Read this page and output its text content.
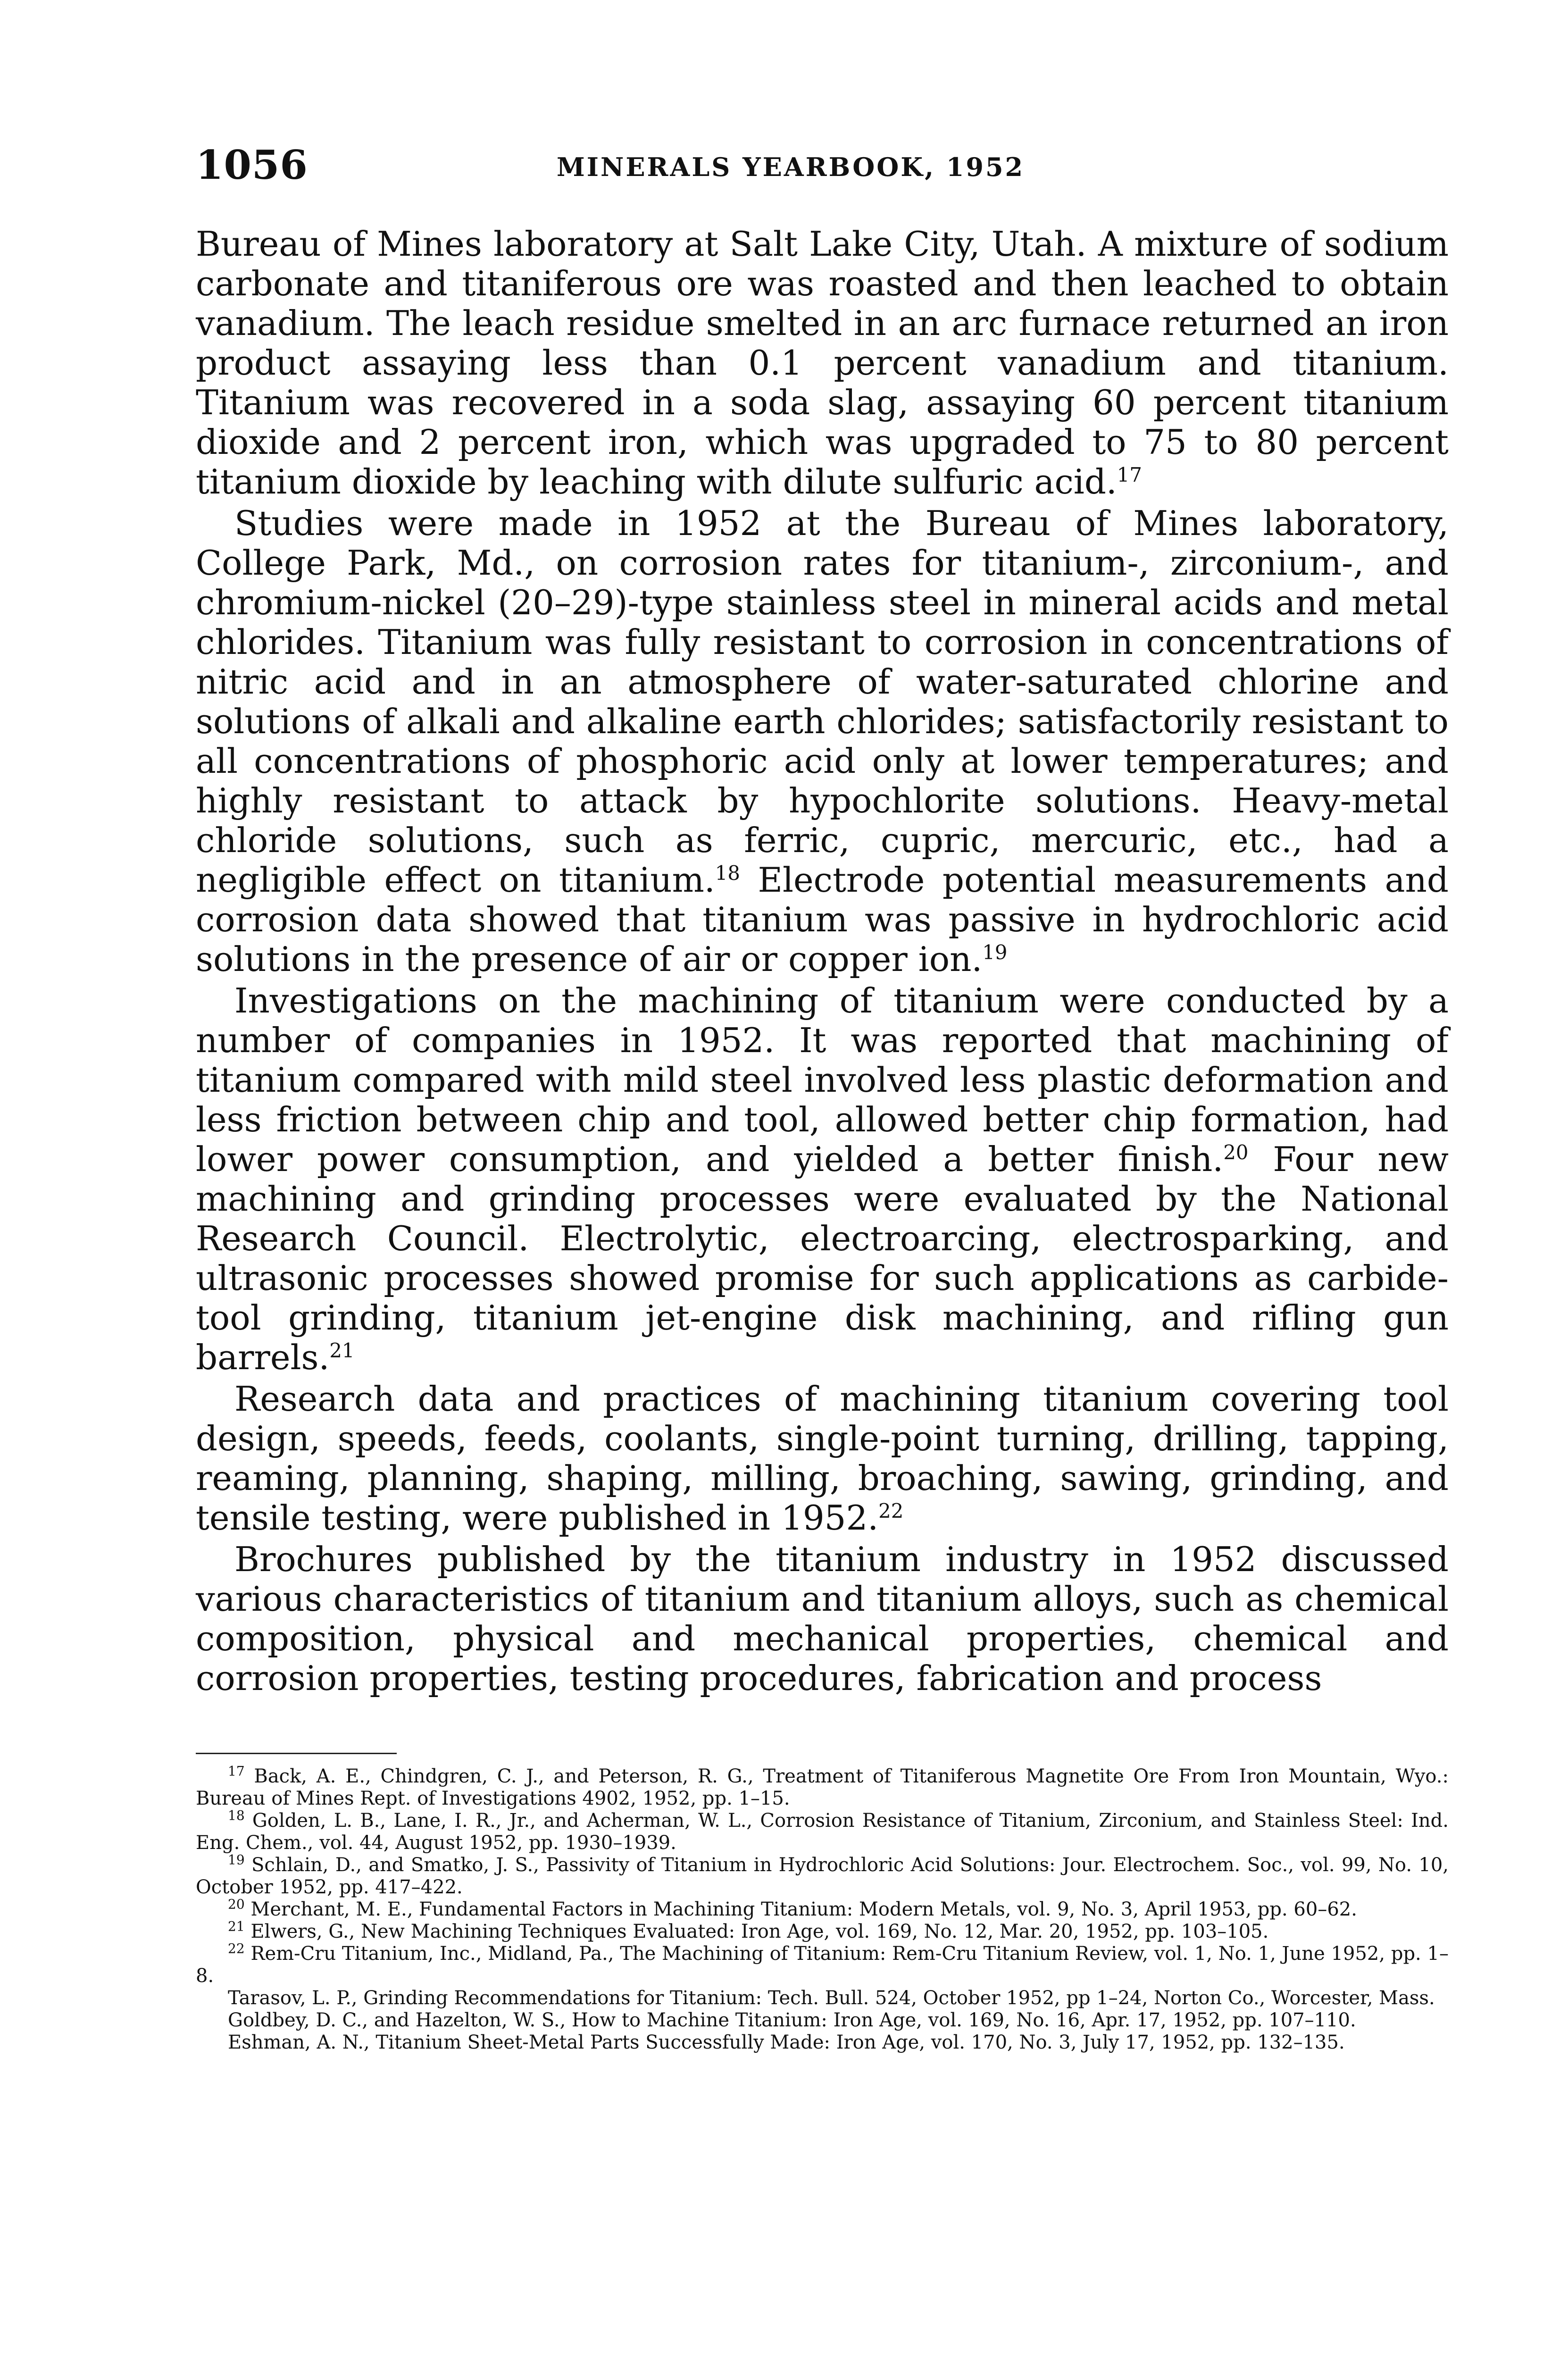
1056	MINERALS YEARBOOK, 1952

Bureau of Mines laboratory at Salt Lake City, Utah. A mixture of sodium carbonate and titaniferous ore was roasted and then leached to obtain vanadium. The leach residue smelted in an arc furnace returned an iron product assaying less than 0.1 percent vanadium and titanium. Titanium was recovered in a soda slag, assaying 60 percent titanium dioxide and 2 percent iron, which was upgraded to 75 to 80 percent titanium dioxide by leaching with dilute sulfuric acid.$^{17}$

Studies were made in 1952 at the Bureau of Mines laboratory, College Park, Md., on corrosion rates for titanium-, zirconium-, and chromium-nickel (20–29)-type stainless steel in mineral acids and metal chlorides. Titanium was fully resistant to corrosion in concentrations of nitric acid and in an atmosphere of water-saturated chlorine and solutions of alkali and alkaline earth chlorides; satisfactorily resistant to all concentrations of phosphoric acid only at lower temperatures; and highly resistant to attack by hypochlorite solutions. Heavy-metal chloride solutions, such as ferric, cupric, mercuric, etc., had a negligible effect on titanium.$^{18}$ Electrode potential measurements and corrosion data showed that titanium was passive in hydrochloric acid solutions in the presence of air or copper ion.$^{19}$

Investigations on the machining of titanium were conducted by a number of companies in 1952. It was reported that machining of titanium compared with mild steel involved less plastic deformation and less friction between chip and tool, allowed better chip formation, had lower power consumption, and yielded a better finish.$^{20}$ Four new machining and grinding processes were evaluated by the National Research Council. Electrolytic, electroarcing, electrosparking, and ultrasonic processes showed promise for such applications as carbide-tool grinding, titanium jet-engine disk machining, and rifling gun barrels.$^{21}$

Research data and practices of machining titanium covering tool design, speeds, feeds, coolants, single-point turning, drilling, tapping, reaming, planning, shaping, milling, broaching, sawing, grinding, and tensile testing, were published in 1952.22

Brochures published by the titanium industry in 1952 discussed various characteristics of titanium and titanium alloys, such as chemical composition, physical and mechanical properties, chemical and corrosion properties, testing procedures, fabrication and process

$^{17}$ Back, A. E., Chindgren, C. J., and Peterson, R. G., Treatment of Titaniferous Magnetite Ore From Iron Mountain, Wyo.: Bureau of Mines Rept. of Investigations 4902, 1952, pp. 1–15.

$^{18}$ Golden, L. B., Lane, I. R., Jr., and Acherman, W. L., Corrosion Resistance of Titanium, Zirconium, and Stainless Steel: Ind. Eng. Chem., vol. 44, August 1952, pp. 1930–1939.

$^{19}$ Schlain, D., and Smatko, J. S., Passivity of Titanium in Hydrochloric Acid Solutions: Jour. Electrochem. Soc., vol. 99, No. 10, October 1952, pp. 417–422.

$^{20}$ Merchant, M. E., Fundamental Factors in Machining Titanium: Modern Metals, vol. 9, No. 3, April 1953, pp. 60–62.

$^{21}$ Elwers, G., New Machining Techniques Evaluated: Iron Age, vol. 169, No. 12, Mar. 20, 1952, pp. 103–105.

$^{22}$ Rem-Cru Titanium, Inc., Midland, Pa., The Machining of Titanium: Rem-Cru Titanium Review, vol. 1, No. 1, June 1952, pp. 1–8.

Tarasov, L. P., Grinding Recommendations for Titanium: Tech. Bull. 524, October 1952, pp 1–24, Norton Co., Worcester, Mass.

Goldbey, D. C., and Hazelton, W. S., How to Machine Titanium: Iron Age, vol. 169, No. 16, Apr. 17, 1952, pp. 107–110.

Eshman, A. N., Titanium Sheet-Metal Parts Successfully Made: Iron Age, vol. 170, No. 3, July 17, 1952, pp. 132–135.
